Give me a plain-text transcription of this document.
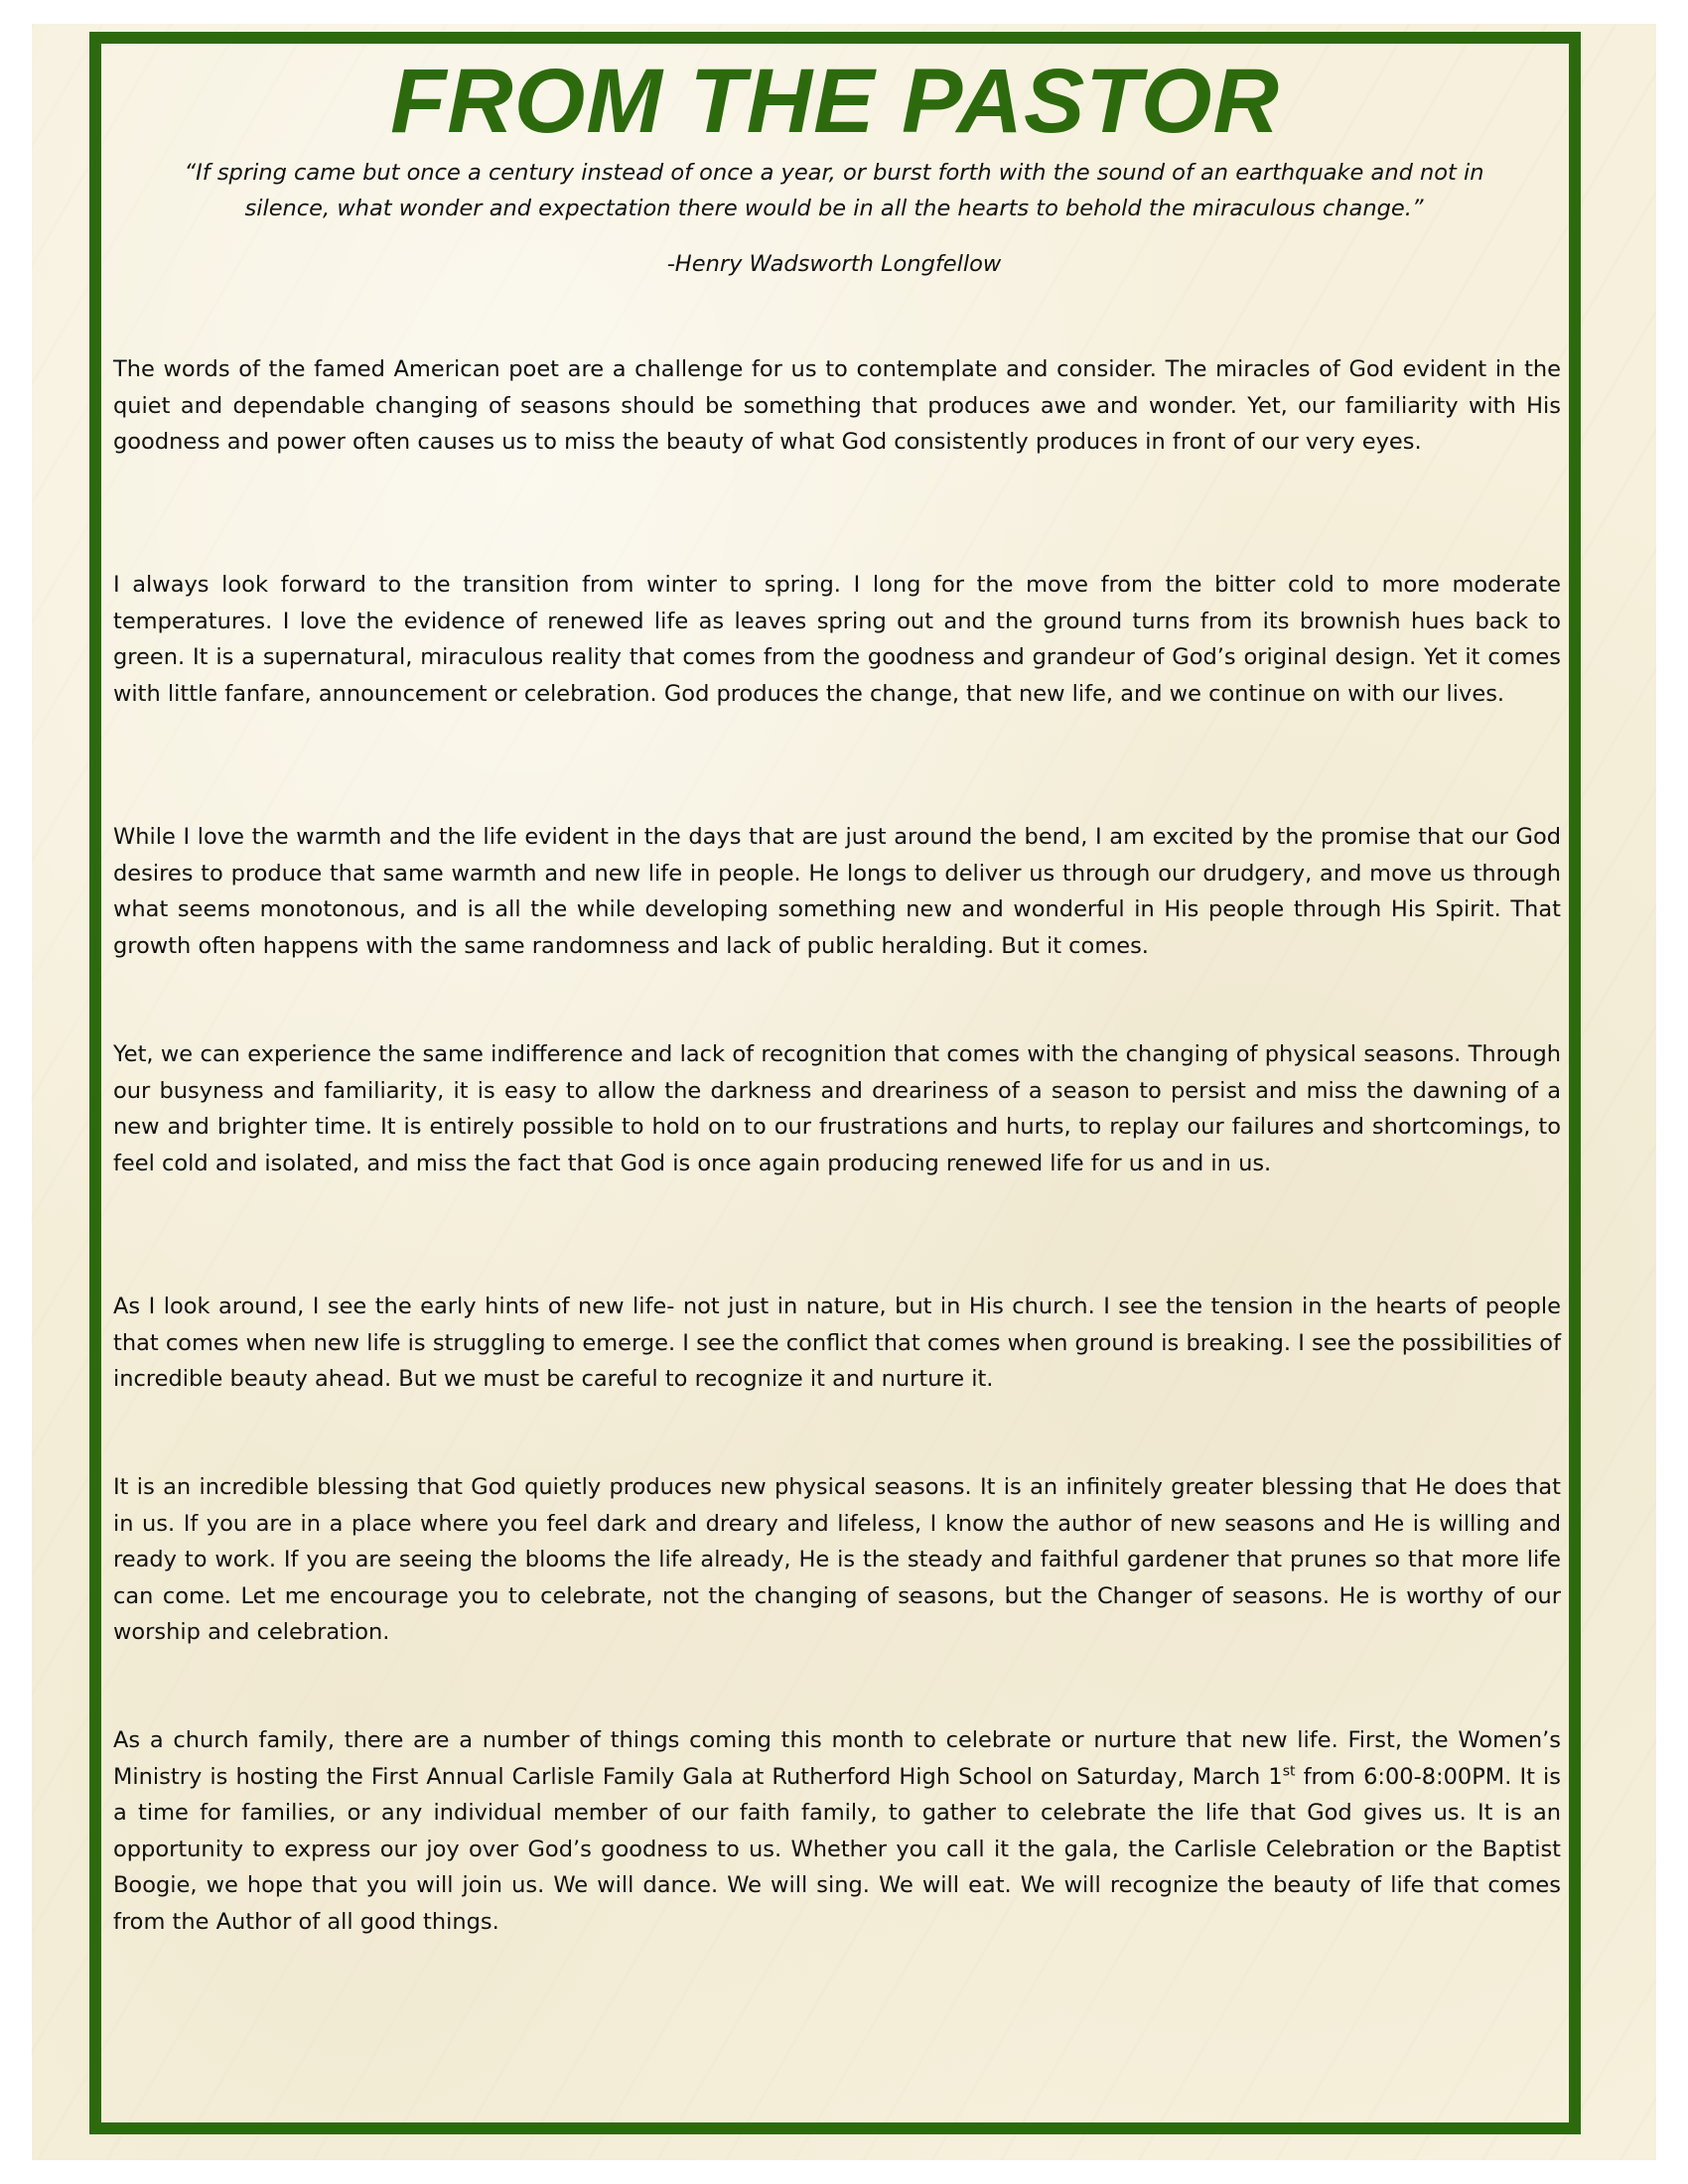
FROM THE PASTOR

“If spring came but once a century instead of once a year, or burst forth with the sound of an earthquake and not in silence, what wonder and expectation there would be in all the hearts to behold the miraculous change.”

-Henry Wadsworth Longfellow

The words of the famed American poet are a challenge for us to contemplate and consider. The miracles of God evident in the quiet and dependable changing of seasons should be something that produces awe and wonder. Yet, our familiarity with His goodness and power often causes us to miss the beauty of what God consistently produces in front of our very eyes.

I always look forward to the transition from winter to spring. I long for the move from the bitter cold to more moderate temperatures. I love the evidence of renewed life as leaves spring out and the ground turns from its brownish hues back to green. It is a supernatural, miraculous reality that comes from the goodness and grandeur of God’s original design. Yet it comes with little fanfare, announcement or celebration. God produces the change, that new life, and we continue on with our lives.

While I love the warmth and the life evident in the days that are just around the bend, I am excited by the promise that our God desires to produce that same warmth and new life in people. He longs to deliver us through our drudgery, and move us through what seems monotonous, and is all the while developing something new and wonderful in His people through His Spirit. That growth often happens with the same randomness and lack of public heralding. But it comes.

Yet, we can experience the same indifference and lack of recognition that comes with the changing of physical seasons. Through our busyness and familiarity, it is easy to allow the darkness and dreariness of a season to persist and miss the dawning of a new and brighter time. It is entirely possible to hold on to our frustrations and hurts, to replay our failures and shortcomings, to feel cold and isolated, and miss the fact that God is once again producing renewed life for us and in us.

As I look around, I see the early hints of new life- not just in nature, but in His church. I see the tension in the hearts of people that comes when new life is struggling to emerge. I see the conflict that comes when ground is breaking. I see the possibilities of incredible beauty ahead. But we must be careful to recognize it and nurture it.

It is an incredible blessing that God quietly produces new physical seasons. It is an infinitely greater blessing that He does that in us. If you are in a place where you feel dark and dreary and lifeless, I know the author of new seasons and He is willing and ready to work. If you are seeing the blooms the life already, He is the steady and faithful gardener that prunes so that more life can come. Let me encourage you to celebrate, not the changing of seasons, but the Changer of seasons. He is worthy of our worship and celebration.

As a church family, there are a number of things coming this month to celebrate or nurture that new life. First, the Women’s Ministry is hosting the First Annual Carlisle Family Gala at Rutherford High School on Saturday, March 1st from 6:00-8:00PM. It is a time for families, or any individual member of our faith family, to gather to celebrate the life that God gives us. It is an opportunity to express our joy over God’s goodness to us. Whether you call it the gala, the Carlisle Celebration or the Baptist Boogie, we hope that you will join us. We will dance. We will sing. We will eat. We will recognize the beauty of life that comes from the Author of all good things.
